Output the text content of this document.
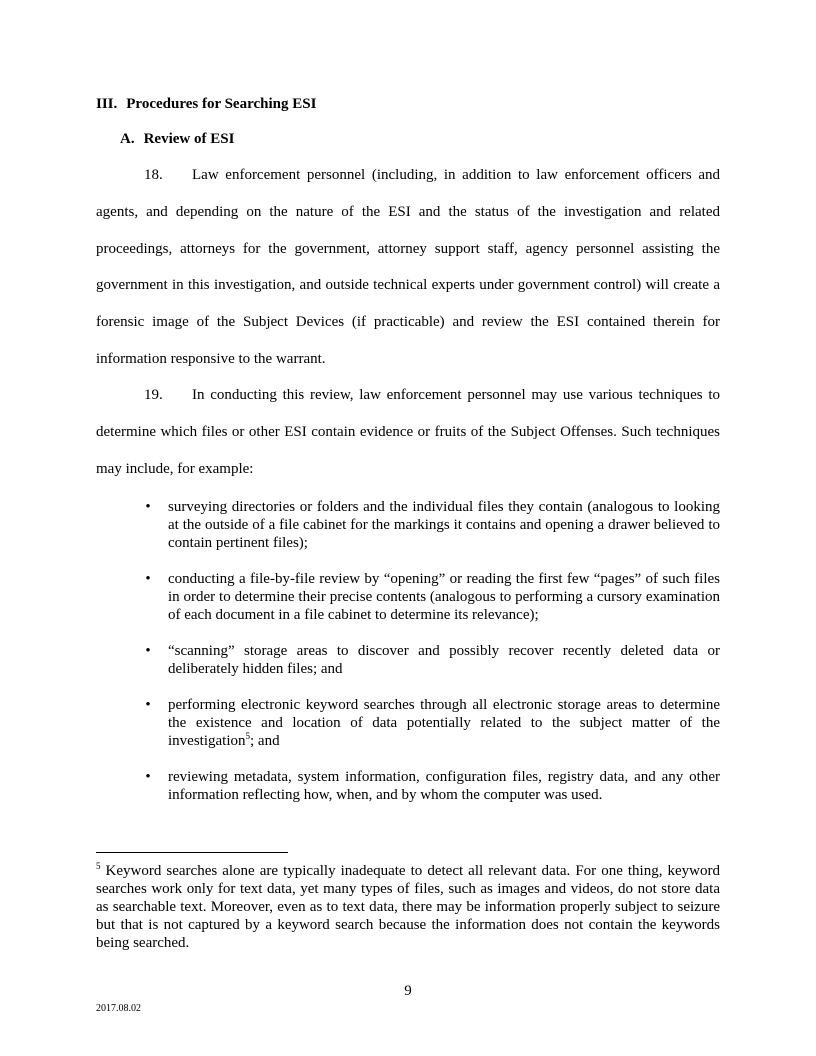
III. Procedures for Searching ESI
A. Review of ESI
18. Law enforcement personnel (including, in addition to law enforcement officers and agents, and depending on the nature of the ESI and the status of the investigation and related proceedings, attorneys for the government, attorney support staff, agency personnel assisting the government in this investigation, and outside technical experts under government control) will create a forensic image of the Subject Devices (if practicable) and review the ESI contained therein for information responsive to the warrant.
19. In conducting this review, law enforcement personnel may use various techniques to determine which files or other ESI contain evidence or fruits of the Subject Offenses. Such techniques may include, for example:
• surveying directories or folders and the individual files they contain (analogous to looking at the outside of a file cabinet for the markings it contains and opening a drawer believed to contain pertinent files);
• conducting a file-by-file review by “opening” or reading the first few “pages” of such files in order to determine their precise contents (analogous to performing a cursory examination of each document in a file cabinet to determine its relevance);
• “scanning” storage areas to discover and possibly recover recently deleted data or deliberately hidden files; and
• performing electronic keyword searches through all electronic storage areas to determine the existence and location of data potentially related to the subject matter of the investigation$^5$; and
• reviewing metadata, system information, configuration files, registry data, and any other information reflecting how, when, and by whom the computer was used.
$^5$ Keyword searches alone are typically inadequate to detect all relevant data. For one thing, keyword searches work only for text data, yet many types of files, such as images and videos, do not store data as searchable text. Moreover, even as to text data, there may be information properly subject to seizure but that is not captured by a keyword search because the information does not contain the keywords being searched.
9
2017.08.02
